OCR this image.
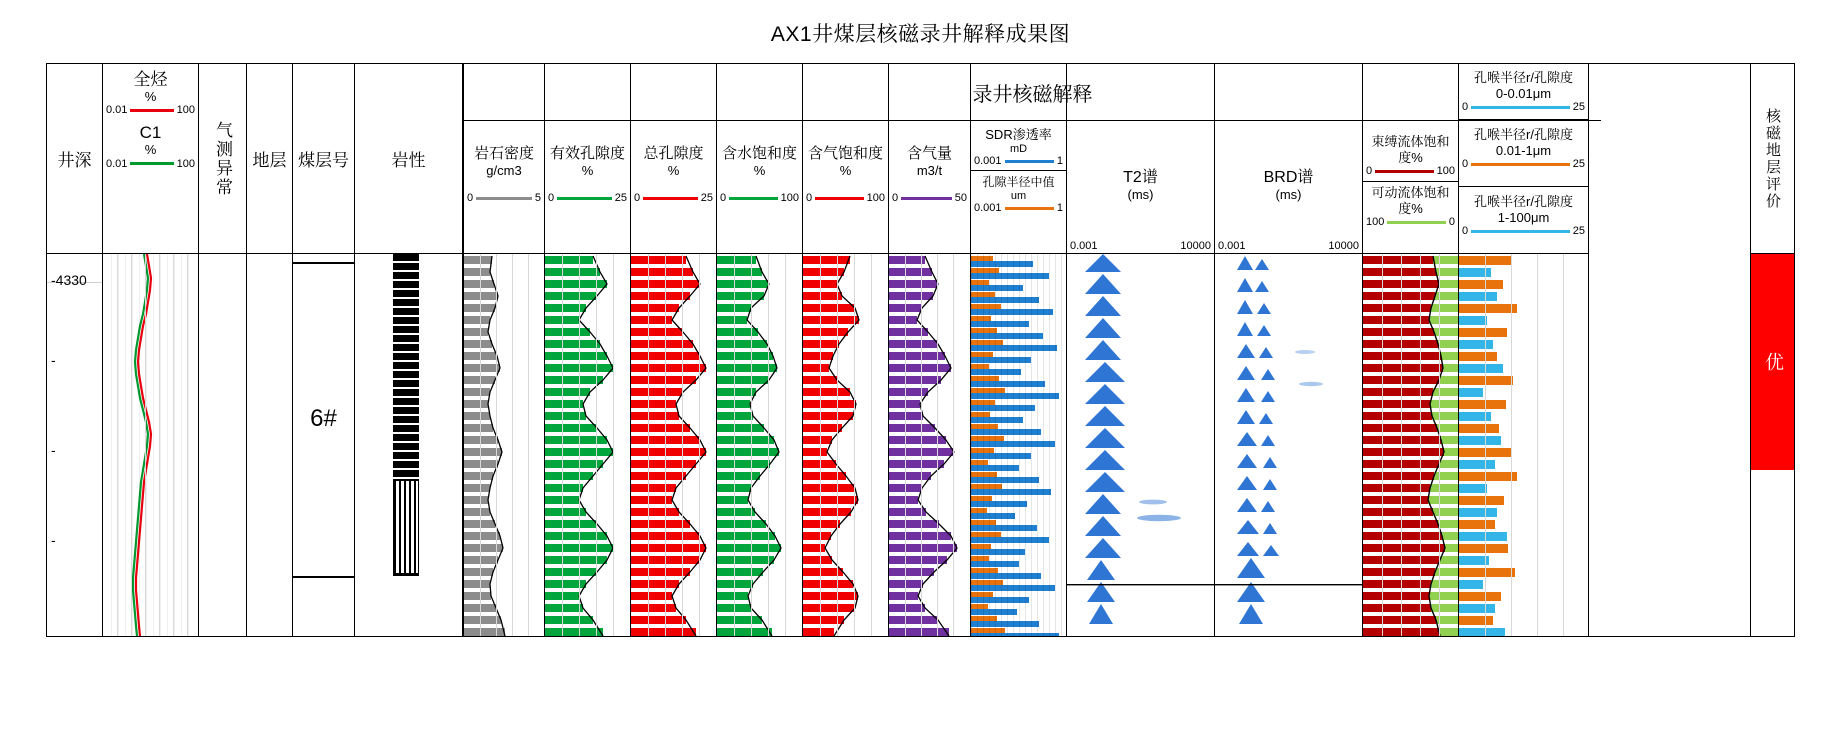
AX1井煤层核磁录井解释成果图
井深
-4330
-
-
-
全烃
%
0.01	100
C1
%
0.01	100 气测异常	地层 煤层号
6#
岩性
录井核磁解释
岩石密度
g/cm3
0	5
有效孔隙度
%
0	25
总孔隙度
%
0	25
含水饱和度
%
0	100
含气饱和度
%
0	100
含气量
m3/t
0	50
SDR渗透率
mD
0.001	1
孔隙半径中值
um
0.001	1
T2谱
(ms)
0.001	10000
BRD谱
(ms)
0.001	10000
束缚流体饱和度%
0	100
可动流体饱和度%
100	0
孔喉半径r/孔隙度
0-0.01μm
0	25
孔喉半径r/孔隙度
0.01-1μm
0	25
孔喉半径r/孔隙度
1-100μm
0	25
核磁地层评价
优
